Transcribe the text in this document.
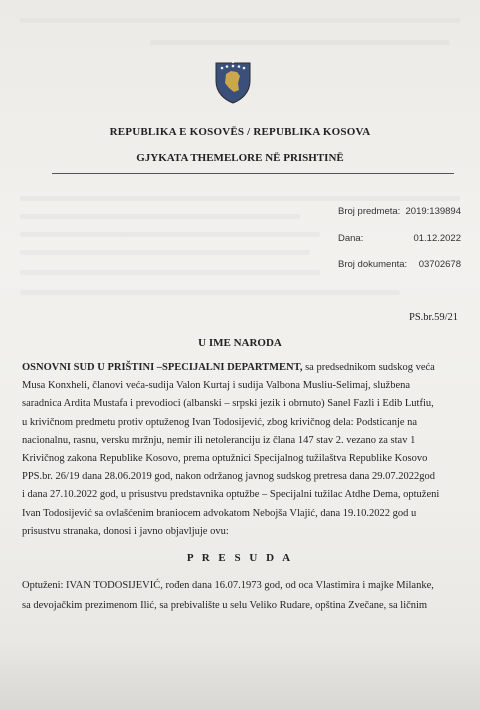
REPUBLIKA E KOSOVËS / REPUBLIKA KOSOVA
GJYKATA THEMELORE NË PRISHTINË
Broj predmeta: 2019:139894
Dana:	01.12.2022
Broj dokumenta:	03702678
PS.br.59/21
U IME NARODA

OSNOVNI SUD U PRIŠTINI –SPECIJALNI DEPARTMENT, sa predsednikom sudskog veća
Musa Konxheli, članovi veća-sudija Valon Kurtaj i sudija Valbona Musliu-Selimaj, službena
saradnica Ardita Mustafa i prevodioci (albanski – srpski jezik i obrnuto) Sanel Fazli i Edib Lutfiu,
u krivičnom predmetu protiv optuženog Ivan Todosijević, zbog krivičnog dela: Podsticanje na
nacionalnu, rasnu, versku mržnju, nemir ili netoleranciju iz člana 147 stav 2. vezano za stav 1
Krivičnog zakona Republike Kosovo, prema optužnici Specijalnog tužilaštva Republike Kosovo
PPS.br. 26/19 dana 28.06.2019 god, nakon održanog javnog sudskog pretresa dana 29.07.2022god
i dana 27.10.2022 god, u prisustvu predstavnika optužbe – Specijalni tužilac Atdhe Dema, optuženi
Ivan Todosijević sa ovlašćenim braniocem advokatom Nebojša Vlajić, dana 19.10.2022 god u
prisustvu stranaka, donosi i javno objavljuje ovu:

P R E S U D A

Optuženi: IVAN TODOSIJEVIĆ, rođen dana 16.07.1973 god, od oca Vlastimira i majke Milanke,
sa devojačkim prezimenom Ilić, sa prebivalište u selu Veliko Rudare, opština Zvečane, sa ličnim
